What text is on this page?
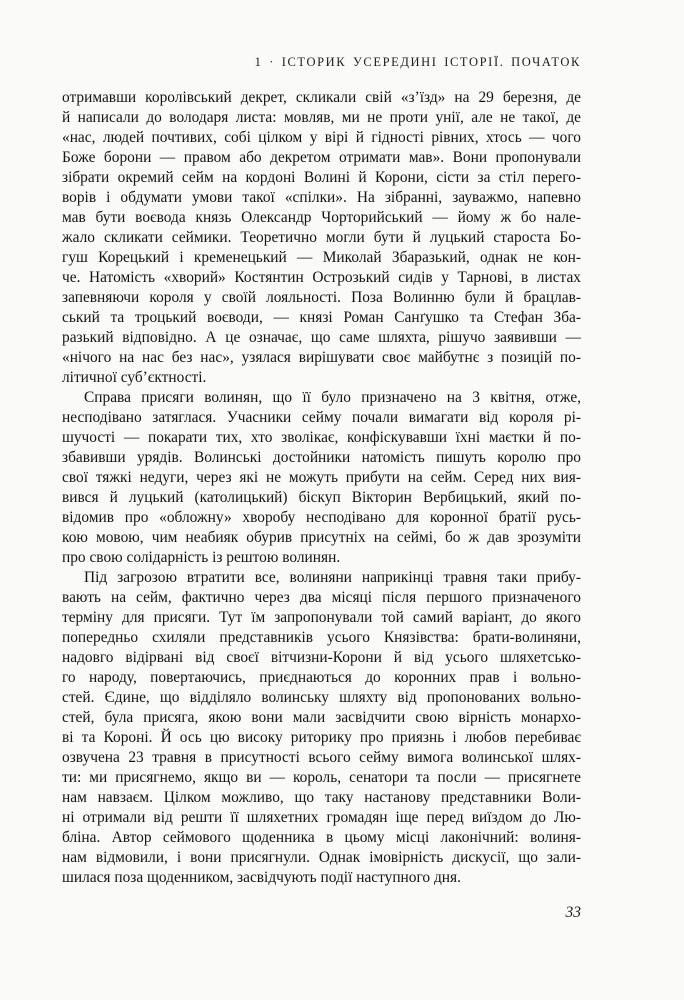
1 · ІСТОРИК УСЕРЕДИНІ ІСТОРІЇ. ПОЧАТОК
отримавши королівський декрет, скликали свій «з’їзд» на 29 березня, де
й написали до володаря листа: мовляв, ми не проти унії, але не такої, де
«нас, людей почтивих, собі цілком у вірі й гідності рівних, хтось — чого
Боже борони — правом або декретом отримати мав». Вони пропонували
зібрати окремий сейм на кордоні Волині й Корони, сісти за стіл перего-
ворів і обдумати умови такої «спілки». На зібранні, зауважмо, напевно
мав бути воєвода князь Олександр Чорторийський — йому ж бо нале-
жало скликати сеймики. Теоретично могли бути й луцький староста Бо-
гуш Корецький і кременецький — Миколай Збаразький, однак не кон-
че. Натомість «хворий» Костянтин Острозький сидів у Тарнові, в листах
запевняючи короля у своїй лояльності. Поза Волинню були й брацлав-
ський та троцький воєводи, — князі Роман Санґушко та Стефан Зба-
разький відповідно. А це означає, що саме шляхта, рішучо заявивши —
«нічого на нас без нас», узялася вирішувати своє майбутнє з позицій по-
літичної суб’єктності.
Справа присяги волинян, що її було призначено на 3 квітня, отже,
несподівано затяглася. Учасники сейму почали вимагати від короля рі-
шучості — покарати тих, хто зволікає, конфіскувавши їхні маєтки й по-
збавивши урядів. Волинські достойники натомість пишуть королю про
свої тяжкі недуги, через які не можуть прибути на сейм. Серед них вия-
вився й луцький (католицький) біскуп Вікторин Вербицький, який по-
відомив про «обложну» хворобу несподівано для коронної братії русь-
кою мовою, чим неабияк обурив присутніх на сеймі, бо ж дав зрозуміти
про свою солідарність із рештою волинян.
Під загрозою втратити все, волиняни наприкінці травня таки прибу-
вають на сейм, фактично через два місяці після першого призначеного
терміну для присяги. Тут їм запропонували той самий варіант, до якого
попередньо схиляли представників усього Князівства: брати-волиняни,
надовго відірвані від своєї вітчизни-Корони й від усього шляхетсько-
го народу, повертаючись, приєднаються до коронних прав і вольно-
стей. Єдине, що відділяло волинську шляхту від пропонованих вольно-
стей, була присяга, якою вони мали засвідчити свою вірність монархо-
ві та Короні. Й ось цю високу риторику про приязнь і любов перебиває
озвучена 23 травня в присутності всього сейму вимога волинської шлях-
ти: ми присягнемо, якщо ви — король, сенатори та посли — присягнете
нам навзаєм. Цілком можливо, що таку настанову представники Воли-
ні отримали від решти її шляхетних громадян іще перед виїздом до Лю-
бліна. Автор сеймового щоденника в цьому місці лаконічний: волиня-
нам відмовили, і вони присягнули. Однак імовірність дискусії, що зали-
шилася поза щоденником, засвідчують події наступного дня.
33
